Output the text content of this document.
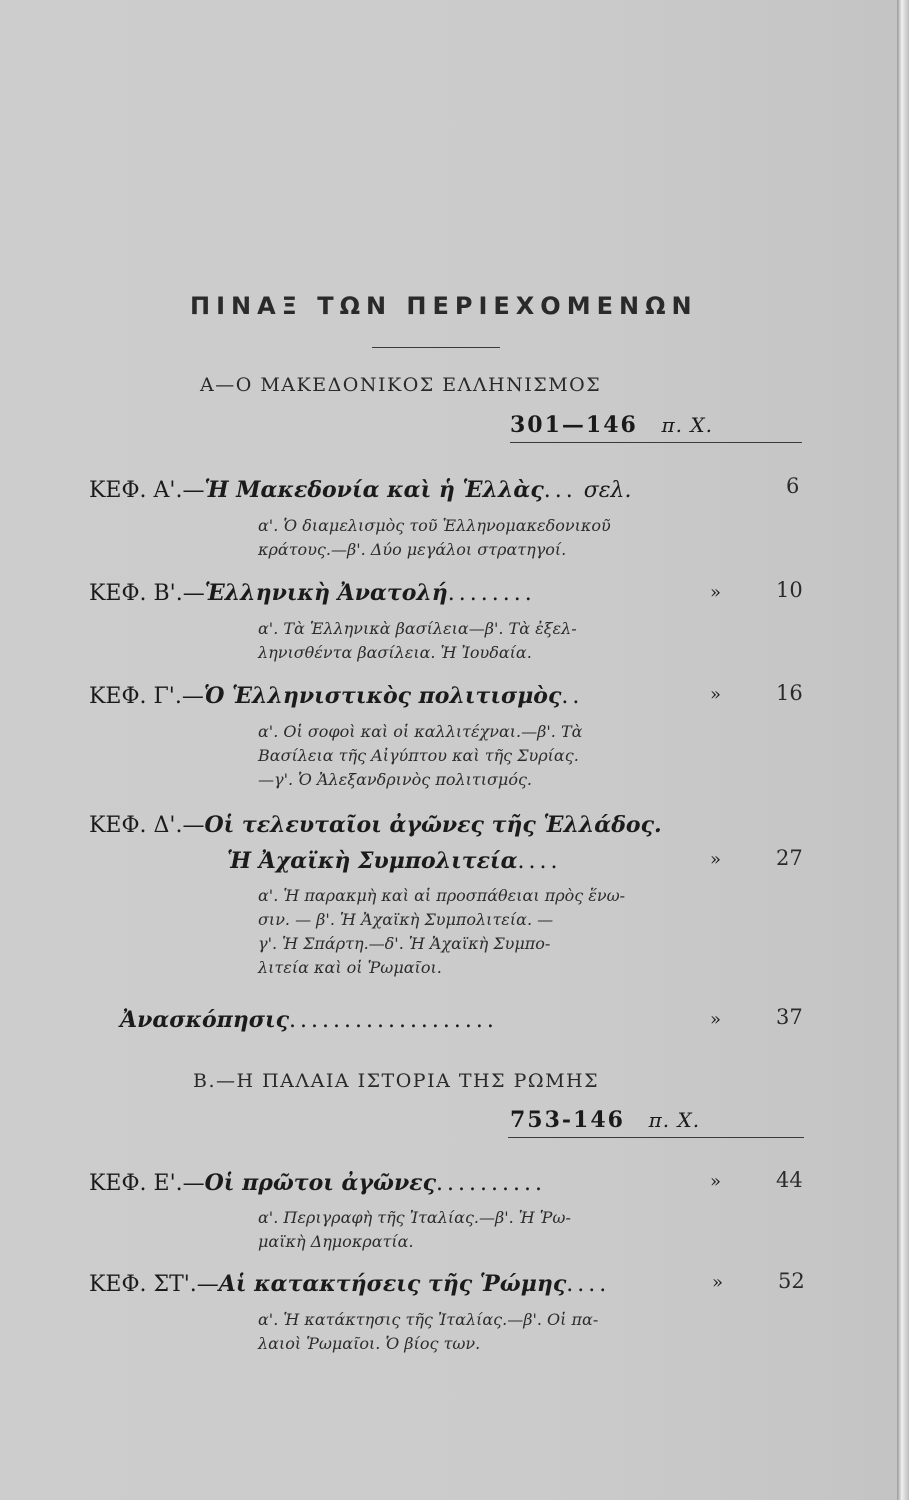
ΠΙΝΑΞ ΤΩΝ ΠΕΡΙΕΧΟΜΕΝΩΝ
Α—Ο ΜΑΚΕΔΟΝΙΚΟΣ ΕΛΛΗΝΙΣΜΟΣ
301—146 π. Χ.
ΚΕΦ. Α'.—Ἡ Μακεδονία καὶ ἡ Ἑλλὰς... σελ.	6
α'. Ὁ διαμελισμὸς τοῦ Ἑλληνομακεδονικοῦ
κράτους.—β'. Δύο μεγάλοι στρατηγοί.
ΚΕΦ. Β'.—Ἑλληνικὴ Ἀνατολή........	»	10
α'. Τὰ Ἑλληνικὰ βασίλεια—β'. Τὰ ἐξελ-
ληνισθέντα βασίλεια. Ἡ Ἰουδαία.
ΚΕΦ. Γ'.—Ὁ Ἑλληνιστικὸς πολιτισμὸς..	»	16
α'. Οἱ σοφοὶ καὶ οἱ καλλιτέχναι.—β'. Τὰ
Βασίλεια τῆς Αἰγύπτου καὶ τῆς Συρίας.
—γ'. Ὁ Ἀλεξανδρινὸς πολιτισμός.
ΚΕΦ. Δ'.—Οἱ τελευταῖοι ἀγῶνες τῆς Ἑλλάδος.
Ἡ Ἀχαϊκὴ Συμπολιτεία....	»	27
α'. Ἡ παρακμὴ καὶ αἱ προσπάθειαι πρὸς ἕνω-
σιν. — β'. Ἡ Ἀχαϊκὴ Συμπολιτεία. —
γ'. Ἡ Σπάρτη.—δ'. Ἡ Ἀχαϊκὴ Συμπο-
λιτεία καὶ οἱ Ῥωμαῖοι.
Ἀνασκόπησις...................	»	37
Β.—Η ΠΑΛΑΙΑ ΙΣΤΟΡΙΑ ΤΗΣ ΡΩΜΗΣ
753-146 π. Χ.
ΚΕΦ. Ε'.—Οἱ πρῶτοι ἀγῶνες..........	»	44
α'. Περιγραφὴ τῆς Ἰταλίας.—β'. Ἡ Ῥω-
μαϊκὴ Δημοκρατία.
ΚΕΦ. ΣΤ'.—Αἱ κατακτήσεις τῆς Ῥώμης....	»	52
α'. Ἡ κατάκτησις τῆς Ἰταλίας.—β'. Οἱ πα-
λαιοὶ Ῥωμαῖοι. Ὁ βίος των.
